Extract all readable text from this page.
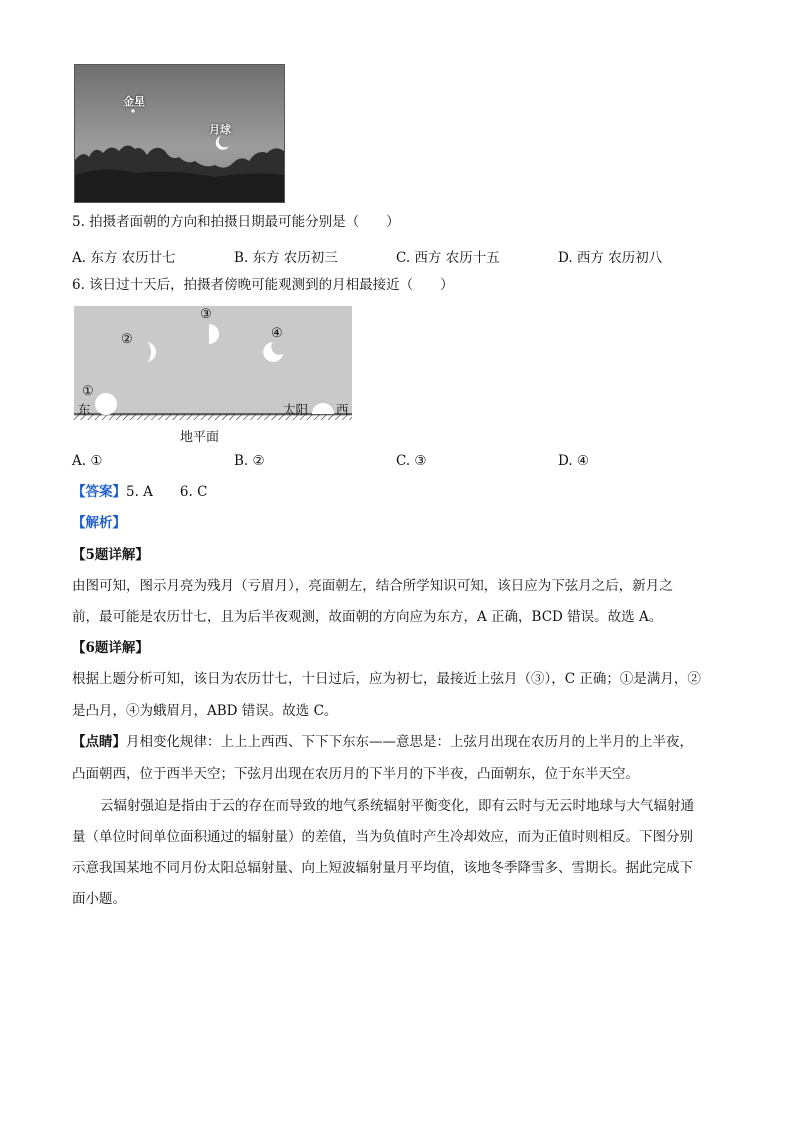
金星
月球
5. 拍摄者面朝的方向和拍摄日期最可能分别是（　　）
A. 东方 农历廿七	B. 东方 农历初三	C. 西方 农历十五	D. 西方 农历初八
6. 该日过十天后，拍摄者傍晚可能观测到的月相最接近（　　）
①
②
③
④
东	太阳 西
地平面
A. ①	B. ②	C. ③	D. ④
【答案】5. A　　6. C
【解析】
【5题详解】
由图可知，图示月亮为残月（亏眉月），亮面朝左，结合所学知识可知，该日应为下弦月之后，新月之
前，最可能是农历廿七，且为后半夜观测，故面朝的方向应为东方，A 正确，BCD 错误。故选 A。
【6题详解】
根据上题分析可知，该日为农历廿七，十日过后，应为初七，最接近上弦月（③），C 正确；①是满月，②
是凸月，④为蛾眉月，ABD 错误。故选 C。
【点睛】月相变化规律：上上上西西、下下下东东——意思是：上弦月出现在农历月的上半月的上半夜，
凸面朝西，位于西半天空；下弦月出现在农历月的下半月的下半夜，凸面朝东，位于东半天空。
云辐射强迫是指由于云的存在而导致的地气系统辐射平衡变化，即有云时与无云时地球与大气辐射通
量（单位时间单位面积通过的辐射量）的差值，当为负值时产生冷却效应，而为正值时则相反。下图分别
示意我国某地不同月份太阳总辐射量、向上短波辐射量月平均值，该地冬季降雪多、雪期长。据此完成下
面小题。
